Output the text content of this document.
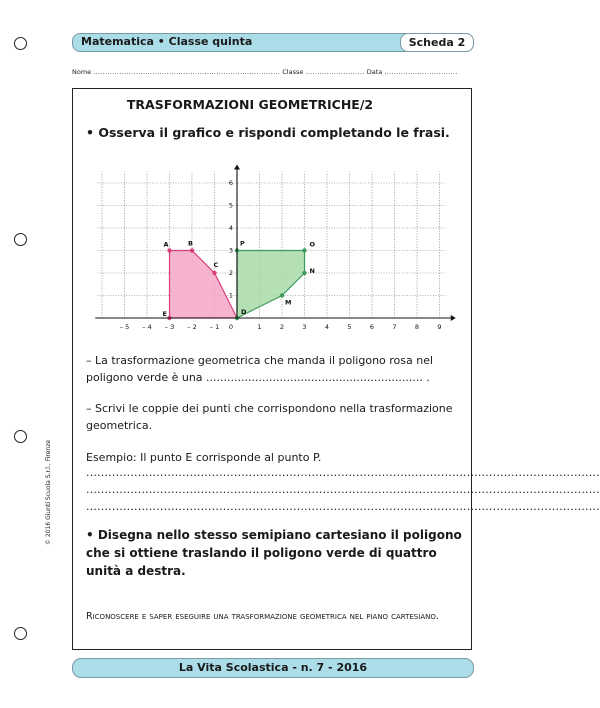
Matematica • Classe quinta	Scheda 2
Nome ............................................................................... Classe ......................... Data ...............................
TRASFORMAZIONI GEOMETRICHE/2
• Osserva il grafico e rispondi completando le frasi.
– 5 – 4 – 3 – 2 – 1 0	1	2	3	4	5	6	7	8	9
1
2
3
4
5
6
A	B
C
D
E
P	O
N
M
– La trasformazione geometrica che manda il poligono rosa nel poligono verde è una .............................................................. .
– Scrivi le coppie dei punti che corrispondono nella trasformazione geometrica.
Esempio: Il punto E corrisponde al punto P.
...........................................................................................................................................
...........................................................................................................................................
...........................................................................................................................................
• Disegna nello stesso semipiano cartesiano il poligono che si ottiene traslando il poligono verde di quattro unità a destra.
Riconoscere e saper eseguire una trasformazione geometrica nel piano cartesiano.
La Vita Scolastica - n. 7 - 2016
© 2016 Giunti Scuola S.r.l., Firenze
